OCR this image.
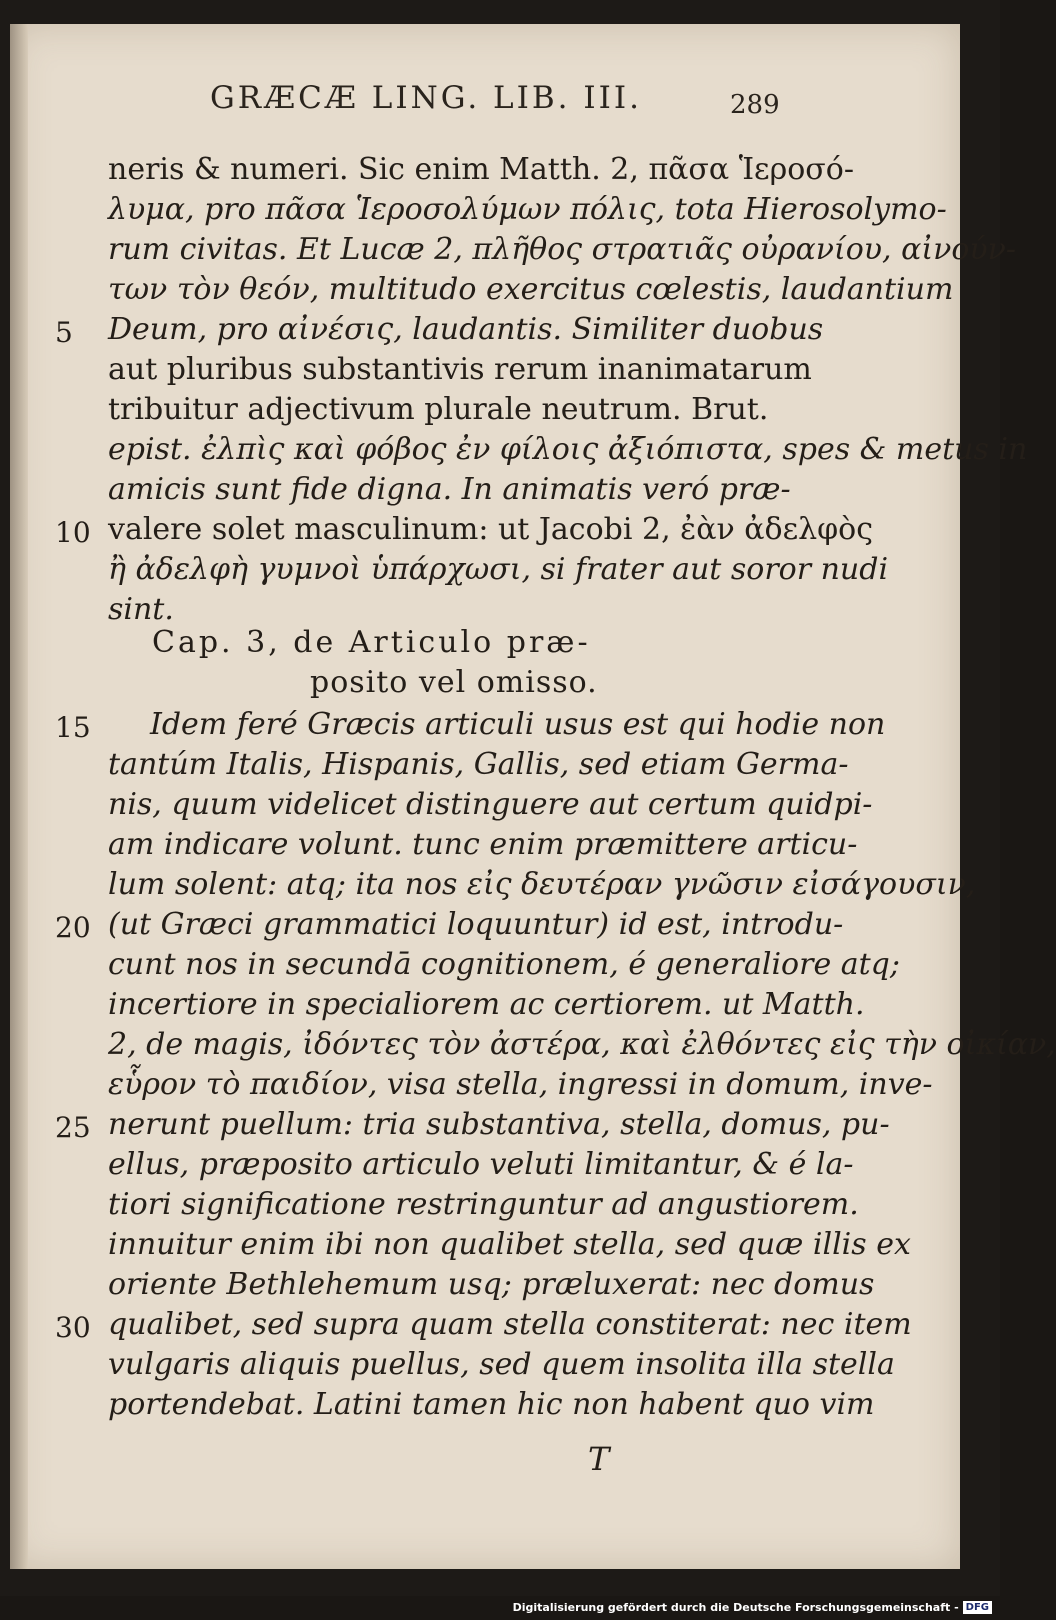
GRÆCÆ LING. LIB. III.	289
neris & numeri. Sic enim Matth. 2, πᾶσα Ἱεροσό-
λυμα, pro πᾶσα Ἱεροσολύμων πόλις, tota Hierosolymo-
rum civitas. Et Lucæ 2, πλῆθος στρατιᾶς οὐρανίου, αἰνούν-
των τὸν θεόν, multitudo exercitus cœlestis, laudantium
Deum, pro αἰνέσις, laudantis. Similiter duobus
aut pluribus substantivis rerum inanimatarum
tribuitur adjectivum plurale neutrum. Brut.
epist. ἐλπὶς καὶ φόβος ἐν φίλοις ἀξιόπιστα, spes & metus in
amicis sunt fide digna. In animatis veró præ-
valere solet masculinum: ut Jacobi 2, ἐὰν ἀδελφὸς
ἢ ἀδελφὴ γυμνοὶ ὑπάρχωσι, si frater aut soror nudi
sint.
Cap. 3, de Articulo præ-
posito vel omisso.
Idem feré Græcis articuli usus est qui hodie non
tantúm Italis, Hispanis, Gallis, sed etiam Germa-
nis, quum videlicet distinguere aut certum quidpi-
am indicare volunt. tunc enim præmittere articu-
lum solent: atq; ita nos εἰς δευτέραν γνῶσιν εἰσάγουσιν,
(ut Græci grammatici loquuntur) id est, introdu-
cunt nos in secundā cognitionem, é generaliore atq;
incertiore in specialiorem ac certiorem. ut Matth.
2, de magis, ἰδόντες τὸν ἀστέρα, καὶ ἐλθόντες εἰς τὴν οἰκίαν,
εὗρον τὸ παιδίον, visa stella, ingressi in domum, inve-
nerunt puellum: tria substantiva, stella, domus, pu-
ellus, præposito articulo veluti limitantur, & é la-
tiori significatione restringuntur ad angustiorem.
innuitur enim ibi non qualibet stella, sed quæ illis ex
oriente Bethlehemum usq; præluxerat: nec domus
qualibet, sed supra quam stella constiterat: nec item
vulgaris aliquis puellus, sed quem insolita illa stella
portendebat. Latini tamen hic non habent quo vim
5
10
15
20
25
30
T
Digitalisierung gefördert durch die Deutsche Forschungsgemeinschaft - DFG
